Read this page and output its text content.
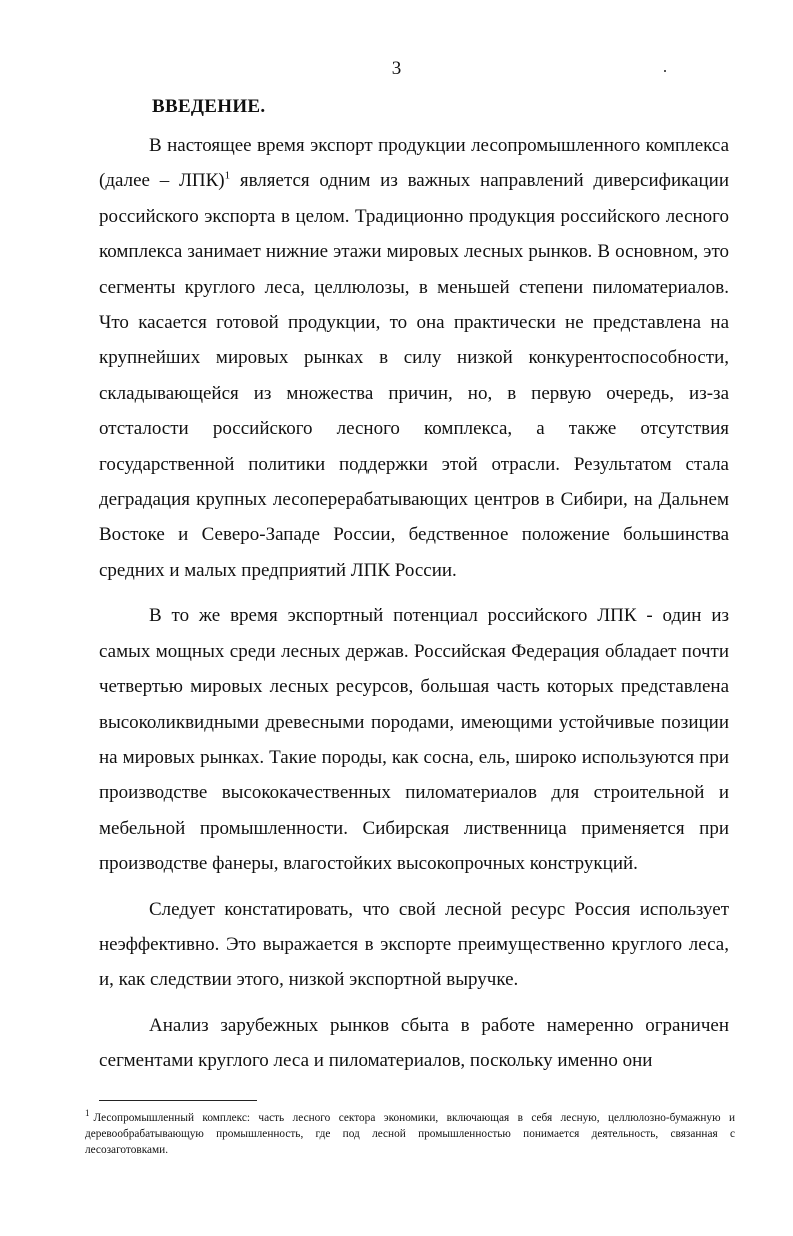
3
ВВЕДЕНИЕ.

В настоящее время экспорт продукции лесопромышленного комплекса (далее – ЛПК)$^1$ является одним из важных направлений диверсификации российского экспорта в целом. Традиционно продукция российского лесного комплекса занимает нижние этажи мировых лесных рынков. В основном, это сегменты круглого леса, целлюлозы, в меньшей степени пиломатериалов. Что касается готовой продукции, то она практически не представлена на крупнейших мировых рынках в силу низкой конкурентоспособности, складывающейся из множества причин, но, в первую очередь, из-за отсталости российского лесного комплекса, а также отсутствия государственной политики поддержки этой отрасли. Результатом стала деградация крупных лесоперерабатывающих центров в Сибири, на Дальнем Востоке и Северо-Западе России, бедственное положение большинства средних и малых предприятий ЛПК России.

В то же время экспортный потенциал российского ЛПК - один из самых мощных среди лесных держав. Российская Федерация обладает почти четвертью мировых лесных ресурсов, большая часть которых представлена высоколиквидными древесными породами, имеющими устойчивые позиции на мировых рынках. Такие породы, как сосна, ель, широко используются при производстве высококачественных пиломатериалов для строительной и мебельной промышленности. Сибирская лиственница применяется при производстве фанеры, влагостойких высокопрочных конструкций.

Следует констатировать, что свой лесной ресурс Россия использует неэффективно. Это выражается в экспорте преимущественно круглого леса, и, как следствии этого, низкой экспортной выручке.

Анализ зарубежных рынков сбыта в работе намеренно ограничен сегментами круглого леса и пиломатериалов, поскольку именно они

$^1$ Лесопромышленный комплекс: часть лесного сектора экономики, включающая в себя лесную, целлюлозно-бумажную и деревообрабатывающую промышленность, где под лесной промышленностью понимается деятельность, связанная с лесозаготовками.
